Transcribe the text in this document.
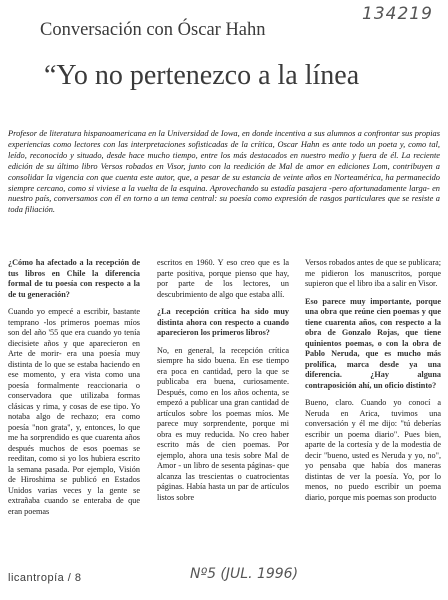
134219
Conversación con Óscar Hahn
“Yo no pertenezco a la línea

Profesor de literatura hispanoamericana en la Universidad de Iowa, en donde incentiva a sus alumnos a confrontar sus propias experiencias como lectores con las interpretaciones sofisticadas de la crítica, Oscar Hahn es ante todo un poeta y, como tal, leído, reconocido y situado, desde hace mucho tiempo, entre los más destacados en nuestro medio y fuera de él. La reciente edición de su último libro Versos robados en Visor, junto con la reedición de Mal de amor en ediciones Lom, contribuyen a consolidar la vigencia con que cuenta este autor, que, a pesar de su estancia de veinte años en Norteamérica, ha permanecido siempre cercano, como si viviese a la vuelta de la esquina. Aprovechando su estadía pasajera -pero afortunadamente larga- en nuestro país, conversamos con él en torno a un tema central: su poesía como expresión de rasgos particulares que se resiste a toda filiación.

¿Cómo ha afectado a la recepción de tus libros en Chile la diferencia formal de tu poesía con respecto a la de tu generación?

Cuando yo empecé a escribir, bastante temprano -los primeros poemas míos son del año '55 que era cuando yo tenía diecisiete años y que aparecieron en Arte de morir- era una poesía muy distinta de lo que se estaba haciendo en ese momento, y era vista como una poesía formalmente reaccionaria o conservadora que utilizaba formas clásicas y rima, y cosas de ese tipo. Yo notaba algo de rechazo; era como poesía "non grata", y, entonces, lo que me ha sorprendido es que cuarenta años después muchos de esos poemas se reeditan, como si yo los hubiera escrito la semana pasada. Por ejemplo, Visión de Hiroshima se publicó en Estados Unidos varias veces y la gente se extrañaba cuando se enteraba de que eran poemas

escritos en 1960. Y eso creo que es la parte positiva, porque pienso que hay, por parte de los lectores, un descubrimiento de algo que estaba allí.

¿La recepción crítica ha sido muy distinta ahora con respecto a cuando aparecieron los primeros libros?

No, en general, la recepción crítica siempre ha sido buena. En ese tiempo era poca en cantidad, pero la que se publicaba era buena, curiosamente. Después, como en los años ochenta, se empezó a publicar una gran cantidad de artículos sobre los poemas míos. Me parece muy sorprendente, porque mi obra es muy reducida. No creo haber escrito más de cien poemas. Por ejemplo, ahora una tesis sobre Mal de Amor - un libro de sesenta páginas- que alcanza las trescientas o cuatrocientas páginas. Había hasta un par de artículos listos sobre

Versos robados antes de que se publicara; me pidieron los manuscritos, porque supieron que el libro iba a salir en Visor.

Eso parece muy importante, porque una obra que reúne cien poemas y que tiene cuarenta años, con respecto a la obra de Gonzalo Rojas, que tiene quinientos poemas, o con la obra de Pablo Neruda, que es mucho más prolífica, marca desde ya una diferencia. ¿Hay alguna contraposición ahí, un oficio distinto?

Bueno, claro. Cuando yo conocí a Neruda en Arica, tuvimos una conversación y él me dijo: "tú deberías escribir un poema diario". Pues bien, aparte de la cortesía y de la modestia de decir "bueno, usted es Neruda y yo, no", yo pensaba que había dos maneras distintas de ver la poesía. Yo, por lo menos, no puedo escribir un poema diario, porque mis poemas son producto

licantropía / 8	Nº5 (JUL. 1996)
